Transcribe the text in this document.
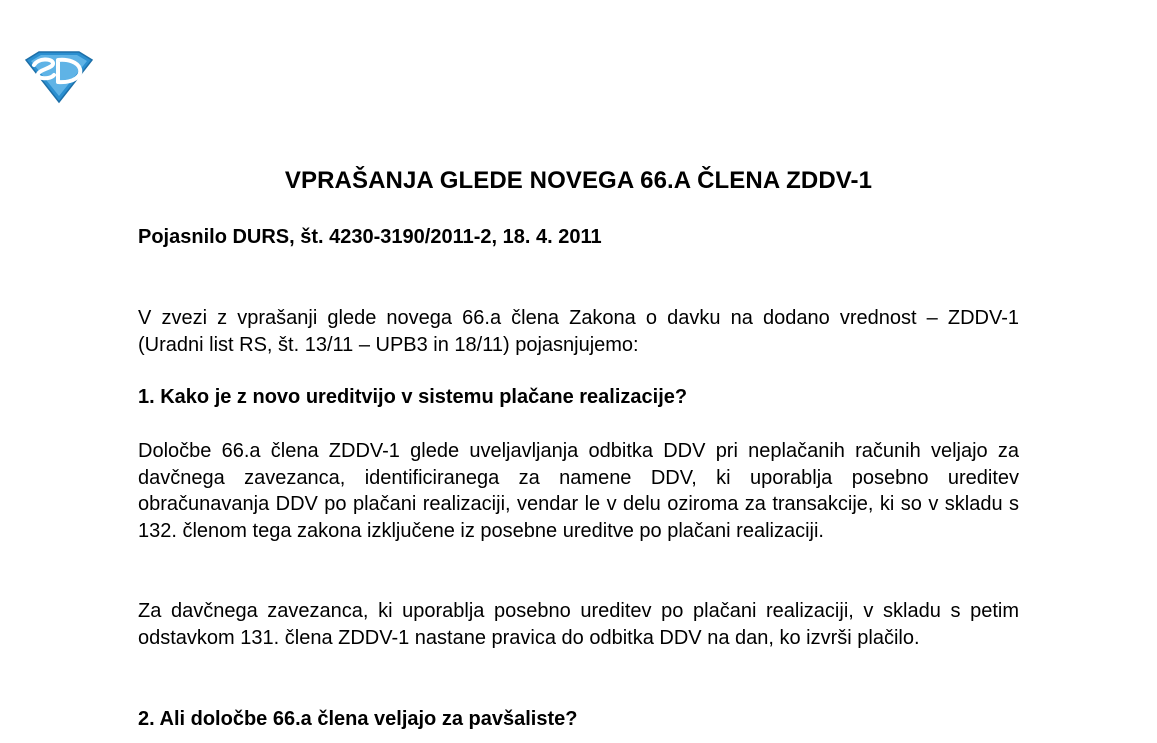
VPRAŠANJA GLEDE NOVEGA 66.A ČLENA ZDDV-1

Pojasnilo DURS, št. 4230-3190/2011-2, 18. 4. 2011

V zvezi z vprašanji glede novega 66.a člena Zakona o davku na dodano vrednost – ZDDV-1 (Uradni list RS, št. 13/11 – UPB3 in 18/11) pojasnjujemo:

1. Kako je z novo ureditvijo v sistemu plačane realizacije?

Določbe 66.a člena ZDDV-1 glede uveljavljanja odbitka DDV pri neplačanih računih veljajo za davčnega zavezanca, identificiranega za namene DDV, ki uporablja posebno ureditev obračunavanja DDV po plačani realizaciji, vendar le v delu oziroma za transakcije, ki so v skladu s 132. členom tega zakona izključene iz posebne ureditve po plačani realizaciji.

Za davčnega zavezanca, ki uporablja posebno ureditev po plačani realizaciji, v skladu s petim odstavkom 131. člena ZDDV-1 nastane pravica do odbitka DDV na dan, ko izvrši plačilo.

2. Ali določbe 66.a člena veljajo za pavšaliste?
